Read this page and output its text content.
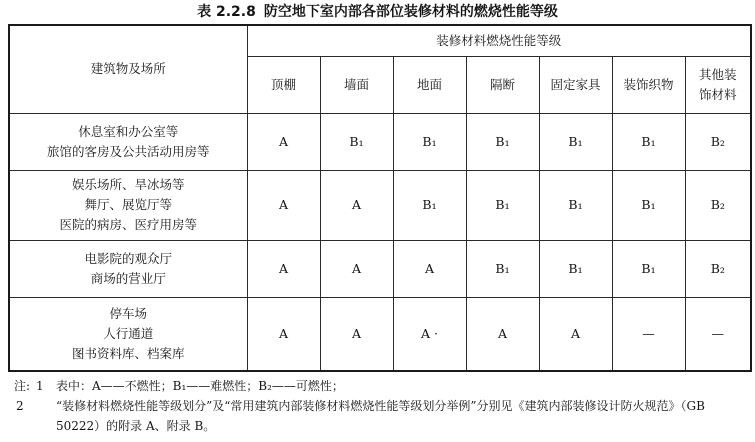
表 2.2.8 防空地下室内部各部位装修材料的燃烧性能等级
建筑物及场所	装修材料燃烧性能等级						
	顶棚	墙面	地面	隔断	固定家具	装饰织物	其他装
饰材料

休息室和办公室等
旅馆的客房及公共活动用房等	A	B₁	B₁	B₁	B₁	B₁	B₂

娱乐场所、旱冰场等
舞厅、展览厅等
医院的病房、医疗用房等	A	A	B₁	B₁	B₁	B₁	B₂

电影院的观众厅
商场的营业厅	A	A	A	B₁	B₁	B₁	B₂

停车场
人行通道
图书资料库、档案库	A	A	A ·	A	A	—	—
注: 1 表中：A——不燃性；B₁——难燃性；B₂——可燃性；
2	“装修材料燃烧性能等级划分”及“常用建筑内部装修材料燃烧性能等级划分举例”分别见《建筑内部装修设计防火规范》（GB 50222）的附录 A、附录 B。
